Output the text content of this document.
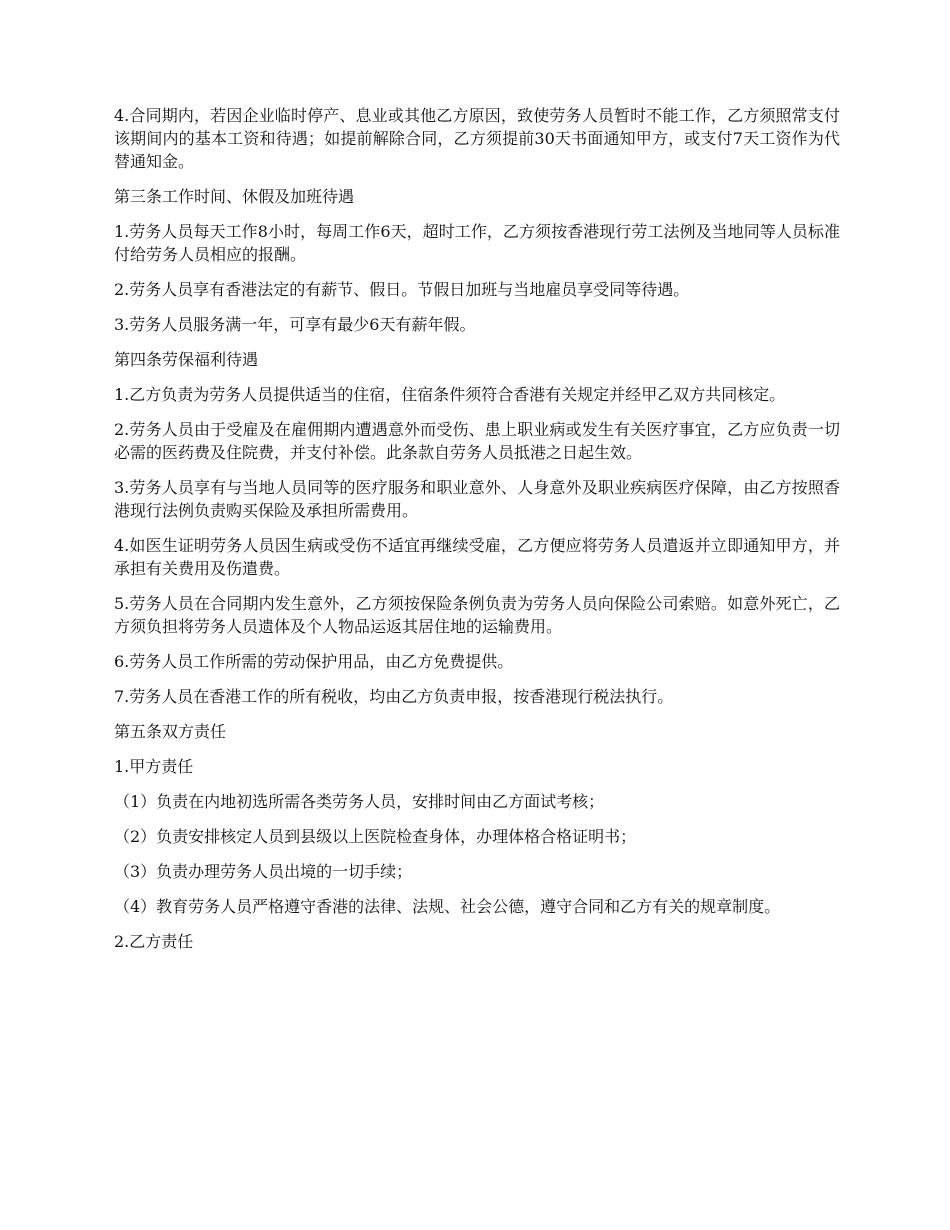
4.合同期内，若因企业临时停产、息业或其他乙方原因，致使劳务人员暂时不能工作，乙方须照常支付该期间内的基本工资和待遇；如提前解除合同，乙方须提前30天书面通知甲方，或支付7天工资作为代替通知金。

第三条工作时间、休假及加班待遇

1.劳务人员每天工作8小时，每周工作6天，超时工作，乙方须按香港现行劳工法例及当地同等人员标准付给劳务人员相应的报酬。

2.劳务人员享有香港法定的有薪节、假日。节假日加班与当地雇员享受同等待遇。

3.劳务人员服务满一年，可享有最少6天有薪年假。

第四条劳保福利待遇

1.乙方负责为劳务人员提供适当的住宿，住宿条件须符合香港有关规定并经甲乙双方共同核定。

2.劳务人员由于受雇及在雇佣期内遭遇意外而受伤、患上职业病或发生有关医疗事宜，乙方应负责一切必需的医药费及住院费，并支付补偿。此条款自劳务人员抵港之日起生效。

3.劳务人员享有与当地人员同等的医疗服务和职业意外、人身意外及职业疾病医疗保障，由乙方按照香港现行法例负责购买保险及承担所需费用。

4.如医生证明劳务人员因生病或受伤不适宜再继续受雇，乙方便应将劳务人员遣返并立即通知甲方，并承担有关费用及伤遣费。

5.劳务人员在合同期内发生意外，乙方须按保险条例负责为劳务人员向保险公司索赔。如意外死亡，乙方须负担将劳务人员遗体及个人物品运返其居住地的运输费用。

6.劳务人员工作所需的劳动保护用品，由乙方免费提供。

7.劳务人员在香港工作的所有税收，均由乙方负责申报，按香港现行税法执行。

第五条双方责任

1.甲方责任

（1）负责在内地初选所需各类劳务人员，安排时间由乙方面试考核；

（2）负责安排核定人员到县级以上医院检查身体，办理体格合格证明书；

（3）负责办理劳务人员出境的一切手续；

（4）教育劳务人员严格遵守香港的法律、法规、社会公德，遵守合同和乙方有关的规章制度。

2.乙方责任
